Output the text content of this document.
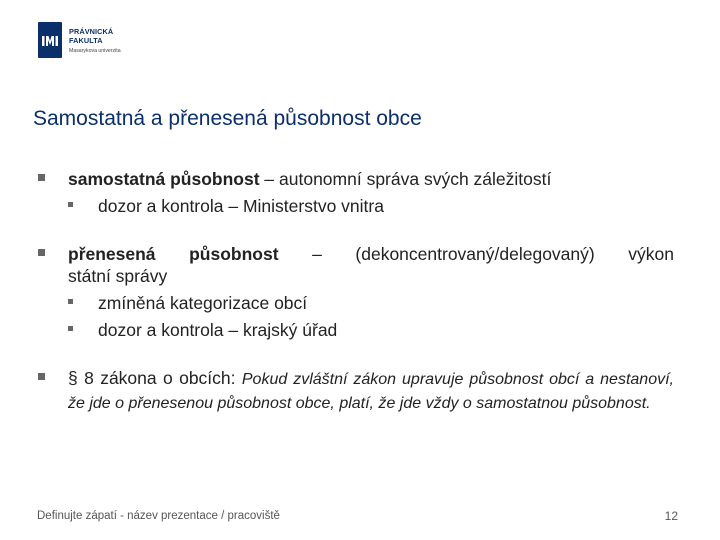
PRÁVNICKÁ
FAKULTA
Masarykova univerzita
Samostatná a přenesená působnost obce
samostatná působnost – autonomní správa svých záležitostí
dozor a kontrola – Ministerstvo vnitra
přenesená působnost – (dekoncentrovaný/delegovaný) výkon
státní správy
zmíněná kategorizace obcí
dozor a kontrola – krajský úřad
§ 8 zákona o obcích: Pokud zvláštní zákon upravuje působnost obcí a nestanoví, že jde o přenesenou působnost obce, platí, že jde vždy o samostatnou působnost.
Definujte zápatí - název prezentace / pracoviště	12
